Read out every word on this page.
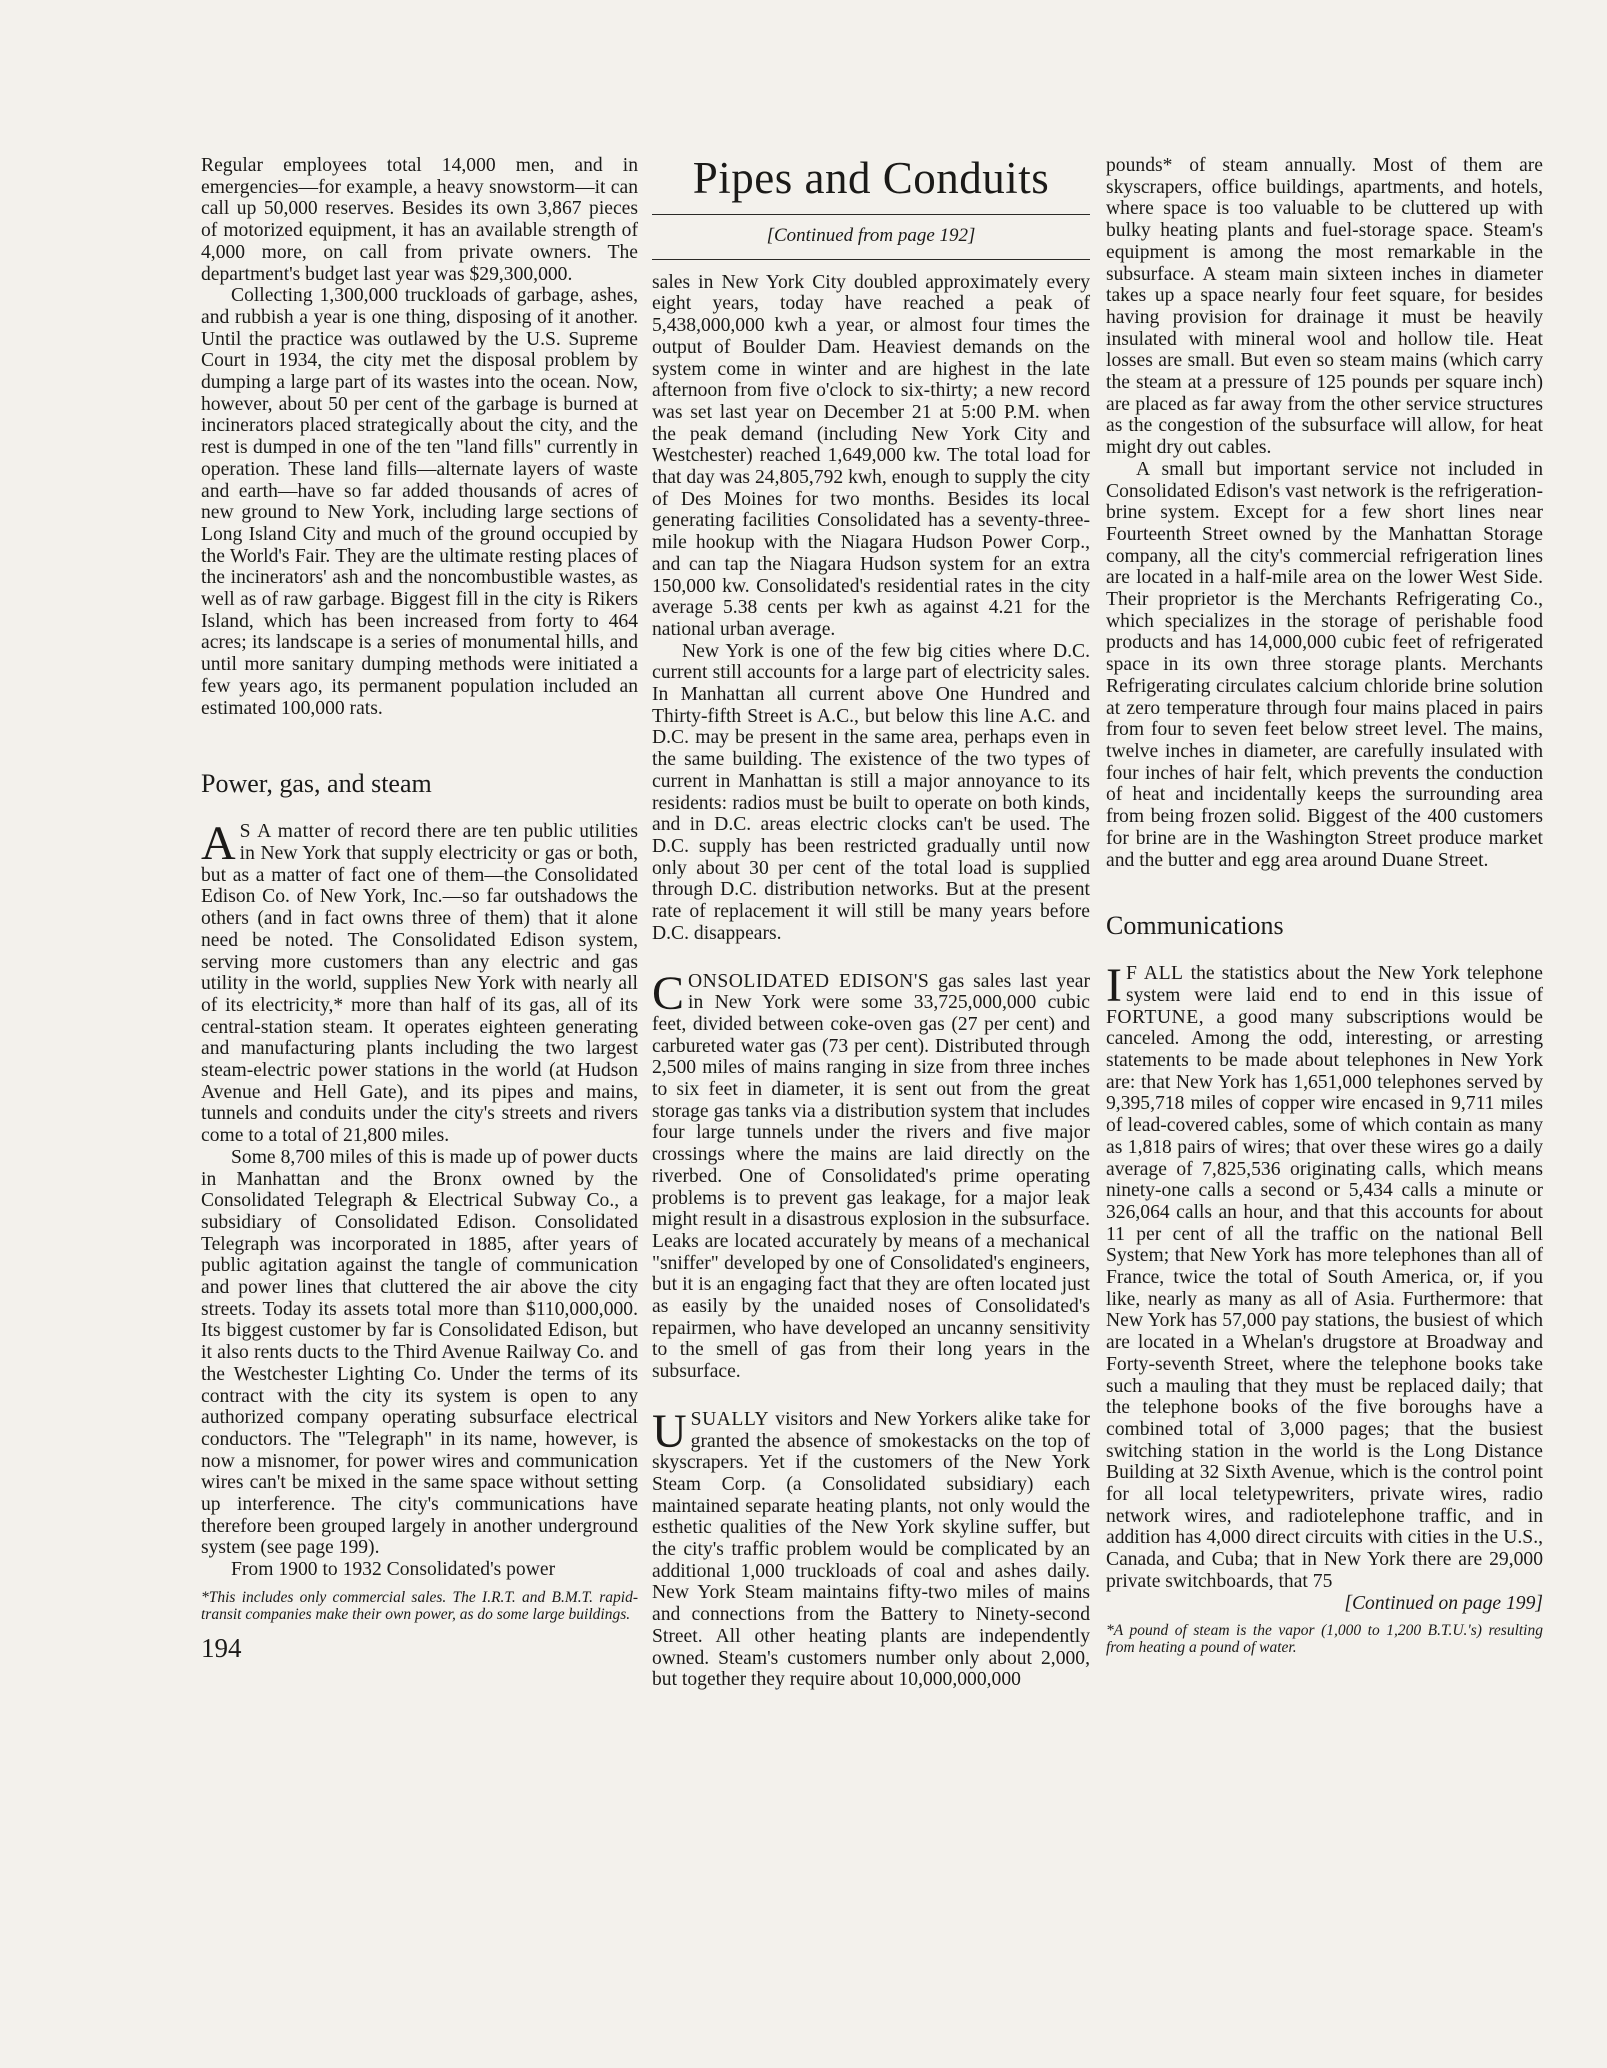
Regular employees total 14,000 men, and in emergencies—for example, a heavy snowstorm—it can call up 50,000 reserves. Besides its own 3,867 pieces of motorized equipment, it has an available strength of 4,000 more, on call from private owners. The department's budget last year was $29,300,000.

Collecting 1,300,000 truckloads of garbage, ashes, and rubbish a year is one thing, disposing of it another. Until the practice was outlawed by the U.S. Supreme Court in 1934, the city met the disposal problem by dumping a large part of its wastes into the ocean. Now, however, about 50 per cent of the garbage is burned at incinerators placed strategically about the city, and the rest is dumped in one of the ten "land fills" currently in operation. These land fills—alternate layers of waste and earth—have so far added thousands of acres of new ground to New York, including large sections of Long Island City and much of the ground occupied by the World's Fair. They are the ultimate resting places of the incinerators' ash and the noncombustible wastes, as well as of raw garbage. Biggest fill in the city is Rikers Island, which has been increased from forty to 464 acres; its landscape is a series of monumental hills, and until more sanitary dumping methods were initiated a few years ago, its permanent population included an estimated 100,000 rats.

Power, gas, and steam

A S A matter of record there are ten public utilities in New York that supply electricity or gas or both, but as a matter of fact one of them—the Consolidated Edison Co. of New York, Inc.—so far outshadows the others (and in fact owns three of them) that it alone need be noted. The Consolidated Edison system, serving more customers than any electric and gas utility in the world, supplies New York with nearly all of its electricity,* more than half of its gas, all of its central-station steam. It operates eighteen generating and manufacturing plants including the two largest steam-electric power stations in the world (at Hudson Avenue and Hell Gate), and its pipes and mains, tunnels and conduits under the city's streets and rivers come to a total of 21,800 miles.

Some 8,700 miles of this is made up of power ducts in Manhattan and the Bronx owned by the Consolidated Telegraph & Electrical Subway Co., a subsidiary of Consolidated Edison. Consolidated Telegraph was incorporated in 1885, after years of public agitation against the tangle of communication and power lines that cluttered the air above the city streets. Today its assets total more than $110,000,000. Its biggest customer by far is Consolidated Edison, but it also rents ducts to the Third Avenue Railway Co. and the Westchester Lighting Co. Under the terms of its contract with the city its system is open to any authorized company operating subsurface electrical conductors. The "Telegraph" in its name, however, is now a misnomer, for power wires and communication wires can't be mixed in the same space without setting up interference. The city's communications have therefore been grouped largely in another underground system (see page 199).

From 1900 to 1932 Consolidated's power

*This includes only commercial sales. The I.R.T. and B.M.T. rapid-transit companies make their own power, as do some large buildings.

Pipes and Conduits

[Continued from page 192]

sales in New York City doubled approximately every eight years, today have reached a peak of 5,438,000,000 kwh a year, or almost four times the output of Boulder Dam. Heaviest demands on the system come in winter and are highest in the late afternoon from five o'clock to six-thirty; a new record was set last year on December 21 at 5:00 P.M. when the peak demand (including New York City and Westchester) reached 1,649,000 kw. The total load for that day was 24,805,792 kwh, enough to supply the city of Des Moines for two months. Besides its local generating facilities Consolidated has a seventy-three-mile hookup with the Niagara Hudson Power Corp., and can tap the Niagara Hudson system for an extra 150,000 kw. Consolidated's residential rates in the city average 5.38 cents per kwh as against 4.21 for the national urban average.

New York is one of the few big cities where D.C. current still accounts for a large part of electricity sales. In Manhattan all current above One Hundred and Thirty-fifth Street is A.C., but below this line A.C. and D.C. may be present in the same area, perhaps even in the same building. The existence of the two types of current in Manhattan is still a major annoyance to its residents: radios must be built to operate on both kinds, and in D.C. areas electric clocks can't be used. The D.C. supply has been restricted gradually until now only about 30 per cent of the total load is supplied through D.C. distribution networks. But at the present rate of replacement it will still be many years before D.C. disappears.

CONSOLIDATED EDISON'S gas sales last year in New York were some 33,725,000,000 cubic feet, divided between coke-oven gas (27 per cent) and carbureted water gas (73 per cent). Distributed through 2,500 miles of mains ranging in size from three inches to six feet in diameter, it is sent out from the great storage gas tanks via a distribution system that includes four large tunnels under the rivers and five major crossings where the mains are laid directly on the riverbed. One of Consolidated's prime operating problems is to prevent gas leakage, for a major leak might result in a disastrous explosion in the subsurface. Leaks are located accurately by means of a mechanical "sniffer" developed by one of Consolidated's engineers, but it is an engaging fact that they are often located just as easily by the unaided noses of Consolidated's repairmen, who have developed an uncanny sensitivity to the smell of gas from their long years in the subsurface.

USUALLY visitors and New Yorkers alike take for granted the absence of smokestacks on the top of skyscrapers. Yet if the customers of the New York Steam Corp. (a Consolidated subsidiary) each maintained separate heating plants, not only would the esthetic qualities of the New York skyline suffer, but the city's traffic problem would be complicated by an additional 1,000 truckloads of coal and ashes daily. New York Steam maintains fifty-two miles of mains and connections from the Battery to Ninety-second Street. All other heating plants are independently owned. Steam's customers number only about 2,000, but together they require about 10,000,000,000

pounds* of steam annually. Most of them are skyscrapers, office buildings, apartments, and hotels, where space is too valuable to be cluttered up with bulky heating plants and fuel-storage space. Steam's equipment is among the most remarkable in the subsurface. A steam main sixteen inches in diameter takes up a space nearly four feet square, for besides having provision for drainage it must be heavily insulated with mineral wool and hollow tile. Heat losses are small. But even so steam mains (which carry the steam at a pressure of 125 pounds per square inch) are placed as far away from the other service structures as the congestion of the subsurface will allow, for heat might dry out cables.

A small but important service not included in Consolidated Edison's vast network is the refrigeration-brine system. Except for a few short lines near Fourteenth Street owned by the Manhattan Storage company, all the city's commercial refrigeration lines are located in a half-mile area on the lower West Side. Their proprietor is the Merchants Refrigerating Co., which specializes in the storage of perishable food products and has 14,000,000 cubic feet of refrigerated space in its own three storage plants. Merchants Refrigerating circulates calcium chloride brine solution at zero temperature through four mains placed in pairs from four to seven feet below street level. The mains, twelve inches in diameter, are carefully insulated with four inches of hair felt, which prevents the conduction of heat and incidentally keeps the surrounding area from being frozen solid. Biggest of the 400 customers for brine are in the Washington Street produce market and the butter and egg area around Duane Street.

Communications

I F ALL the statistics about the New York telephone system were laid end to end in this issue of FORTUNE, a good many subscriptions would be canceled. Among the odd, interesting, or arresting statements to be made about telephones in New York are: that New York has 1,651,000 telephones served by 9,395,718 miles of copper wire encased in 9,711 miles of lead-covered cables, some of which contain as many as 1,818 pairs of wires; that over these wires go a daily average of 7,825,536 originating calls, which means ninety-one calls a second or 5,434 calls a minute or 326,064 calls an hour, and that this accounts for about 11 per cent of all the traffic on the national Bell System; that New York has more telephones than all of France, twice the total of South America, or, if you like, nearly as many as all of Asia. Furthermore: that New York has 57,000 pay stations, the busiest of which are located in a Whelan's drugstore at Broadway and Forty-seventh Street, where the telephone books take such a mauling that they must be replaced daily; that the telephone books of the five boroughs have a combined total of 3,000 pages; that the busiest switching station in the world is the Long Distance Building at 32 Sixth Avenue, which is the control point for all local teletypewriters, private wires, radio network wires, and radiotelephone traffic, and in addition has 4,000 direct circuits with cities in the U.S., Canada, and Cuba; that in New York there are 29,000 private switchboards, that 75

[Continued on page 199]

*A pound of steam is the vapor (1,000 to 1,200 B.T.U.'s) resulting from heating a pound of water.

194
